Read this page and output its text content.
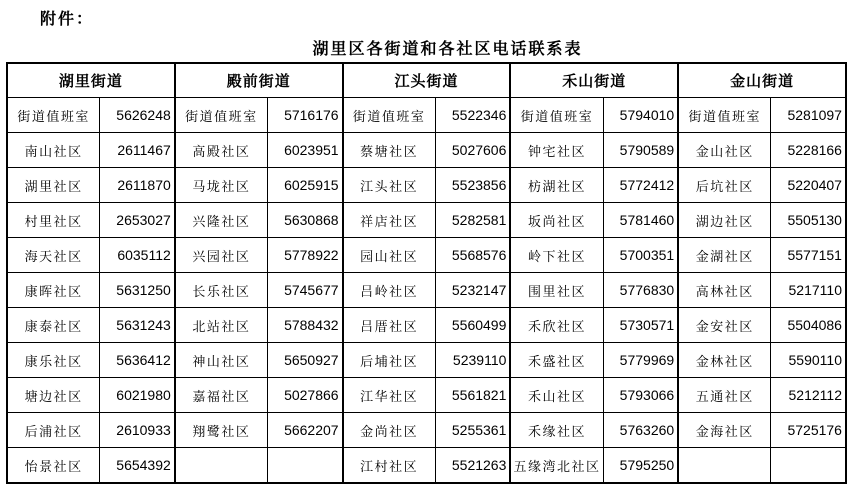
附件：
湖里区各街道和各社区电话联系表
湖里街道
街道值班室	5626248
南山社区	2611467
湖里社区	2611870
村里社区	2653027
海天社区	6035112
康晖社区	5631250
康泰社区	5631243
康乐社区	5636412
塘边社区	6021980
后浦社区	2610933
怡景社区	5654392
殿前街道
街道值班室	5716176
高殿社区	6023951
马垅社区	6025915
兴隆社区	5630868
兴园社区	5778922
长乐社区	5745677
北站社区	5788432
神山社区	5650927
嘉福社区	5027866
翔鹭社区	5662207
江头街道
街道值班室	5522346
蔡塘社区	5027606
江头社区	5523856
祥店社区	5282581
园山社区	5568576
吕岭社区	5232147
吕厝社区	5560499
后埔社区	5239110
江华社区	5561821
金尚社区	5255361
江村社区	5521263
禾山街道
街道值班室	5794010
钟宅社区	5790589
枋湖社区	5772412
坂尚社区	5781460
岭下社区	5700351
围里社区	5776830
禾欣社区	5730571
禾盛社区	5779969
禾山社区	5793066
禾缘社区	5763260
五缘湾北社区	5795250
金山街道
街道值班室	5281097
金山社区	5228166
后坑社区	5220407
湖边社区	5505130
金湖社区	5577151
高林社区	5217110
金安社区	5504086
金林社区	5590110
五通社区	5212112
金海社区	5725176
